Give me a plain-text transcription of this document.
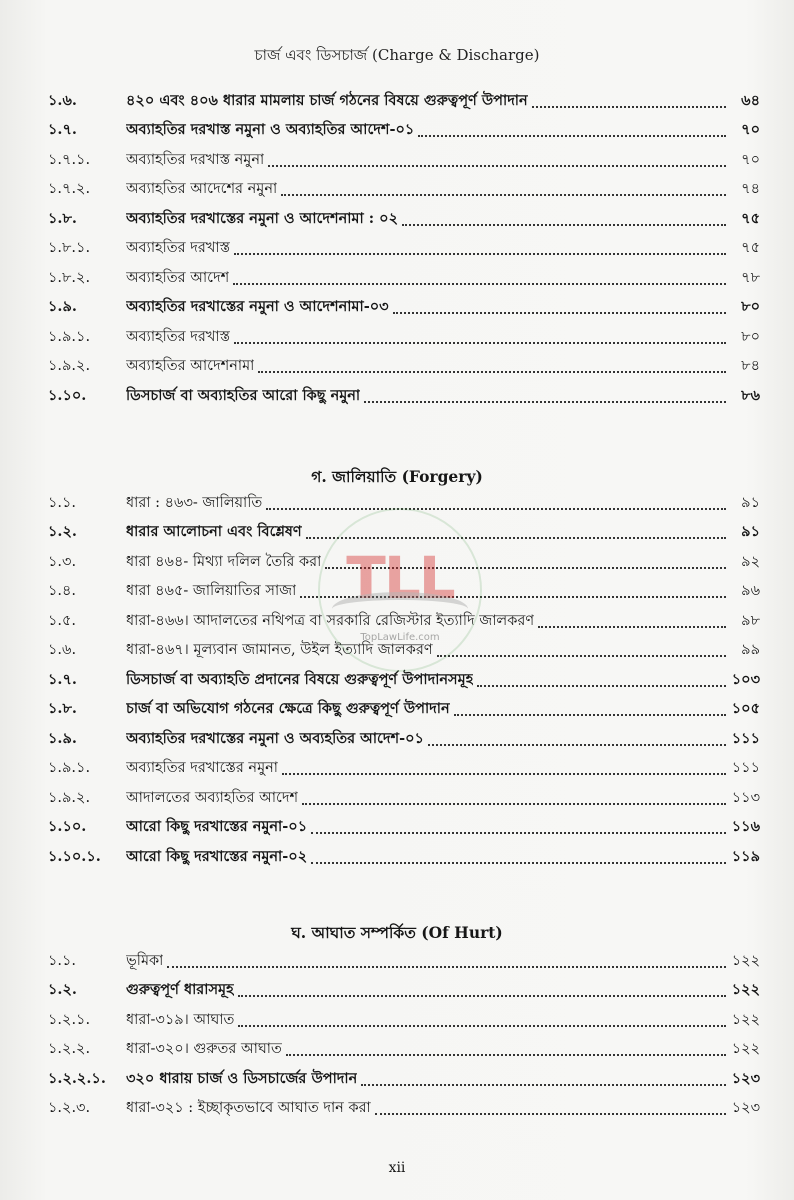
চার্জ এবং ডিসচার্জ (Charge & Discharge)
১.৬.	৪২০ এবং ৪০৬ ধারার মামলায় চার্জ গঠনের বিষয়ে গুরুত্বপূর্ণ উপাদান	৬৪
১.৭.	অব্যাহতির দরখাস্ত নমুনা ও অব্যাহতির আদেশ-০১	৭০
১.৭.১.	অব্যাহতির দরখাস্ত নমুনা	৭০
১.৭.২.	অব্যাহতির আদেশের নমুনা	৭৪
১.৮.	অব্যাহতির দরখাস্তের নমুনা ও আদেশনামা : ০২	৭৫
১.৮.১.	অব্যাহতির দরখাস্ত	৭৫
১.৮.২.	অব্যাহতির আদেশ	৭৮
১.৯.	অব্যাহতির দরখাস্তের নমুনা ও আদেশনামা-০৩	৮০
১.৯.১.	অব্যাহতির দরখাস্ত	৮০
১.৯.২.	অব্যাহতির আদেশনামা	৮৪
১.১০.	ডিসচার্জ বা অব্যাহতির আরো কিছু নমুনা	৮৬
গ. জালিয়াতি (Forgery)
১.১.	ধারা : ৪৬৩- জালিয়াতি	৯১
১.২.	ধারার আলোচনা এবং বিশ্লেষণ	৯১
১.৩.	ধারা ৪৬৪- মিথ্যা দলিল তৈরি করা	৯২
১.৪.	ধারা ৪৬৫- জালিয়াতির সাজা	৯৬
১.৫.	ধারা-৪৬৬। আদালতের নথিপত্র বা সরকারি রেজিস্টার ইত্যাদি জালকরণ	৯৮
১.৬.	ধারা-৪৬৭। মূল্যবান জামানত, উইল ইত্যাদি জালকরণ	৯৯
১.৭.	ডিসচার্জ বা অব্যাহতি প্রদানের বিষয়ে গুরুত্বপূর্ণ উপাদানসমূহ	১০৩
১.৮.	চার্জ বা অভিযোগ গঠনের ক্ষেত্রে কিছু গুরুত্বপূর্ণ উপাদান	১০৫
১.৯.	অব্যাহতির দরখাস্তের নমুনা ও অব্যহতির আদেশ-০১	১১১
১.৯.১.	অব্যাহতির দরখাস্তের নমুনা	১১১
১.৯.২.	আদালতের অব্যাহতির আদেশ	১১৩
১.১০.	আরো কিছু দরখাস্তের নমুনা-০১	১১৬
১.১০.১.	আরো কিছু দরখাস্তের নমুনা-০২	১১৯
ঘ. আঘাত সম্পর্কিত (Of Hurt)
১.১.	ভূমিকা	১২২
১.২.	গুরুত্বপূর্ণ ধারাসমূহ	১২২
১.২.১.	ধারা-৩১৯। আঘাত	১২২
১.২.২.	ধারা-৩২০। গুরুতর আঘাত	১২২
১.২.২.১.	৩২০ ধারায় চার্জ ও ডিসচার্জের উপাদান	১২৩
১.২.৩.	ধারা-৩২১ : ইচ্ছাকৃতভাবে আঘাত দান করা	১২৩
TLL
TopLawLife.com
xii
